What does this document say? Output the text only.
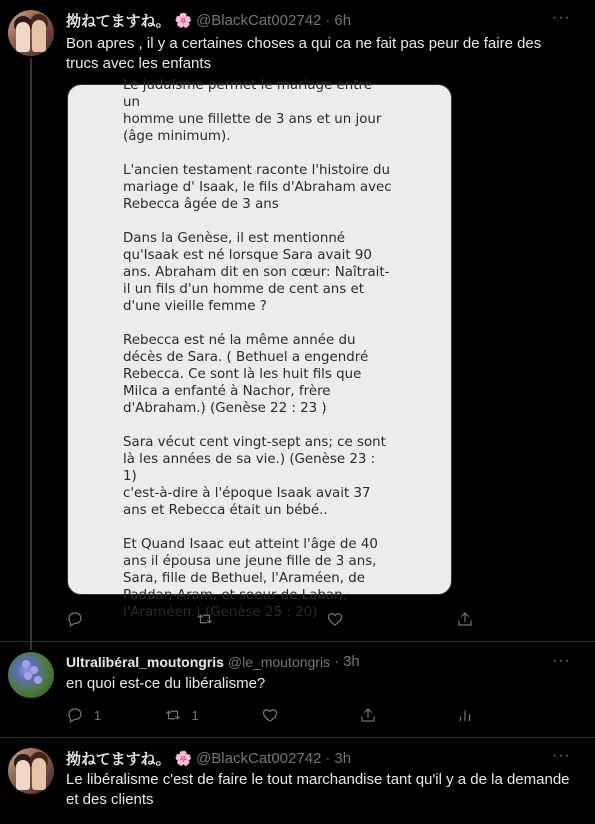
拗ねてますね。 🌸 @BlackCat002742 · 6h	···
Bon apres , il y a certaines choses a qui ca ne fait pas peur de faire des trucs avec les enfants

Le judaïsme permet le mariage entre un
homme une fillette de 3 ans et un jour
(âge minimum).

L'ancien testament raconte l'histoire du
mariage d' Isaak, le fils d'Abraham avec
Rebecca âgée de 3 ans

Dans la Genèse, il est mentionné
qu'Isaak est né lorsque Sara avait 90
ans. Abraham dit en son cœur: Naîtrait-
il un fils d'un homme de cent ans et
d'une vieille femme ?

Rebecca est né la même année du
décès de Sara. ( Bethuel a engendré
Rebecca. Ce sont là les huit fils que
Milca a enfanté à Nachor, frère
d'Abraham.) (Genèse 22 : 23 )

Sara vécut cent vingt-sept ans; ce sont
là les années de sa vie.) (Genèse 23 : 1)
c'est-à-dire à l'époque Isaak avait 37
ans et Rebecca était un bébé..

Et Quand Isaac eut atteint l'âge de 40
ans il épousa une jeune fille de 3 ans,
Sara, fille de Bethuel, l'Araméen, de
Paddan-Aram, et soeur de Laban,
l'Araméen.) (Genèse 25 : 20)

Ultralibéral_moutongris @le_moutongris · 3h	···
en quoi est-ce du libéralisme?
1	1
拗ねてますね。 🌸 @BlackCat002742 · 3h	···
Le libéralisme c'est de faire le tout marchandise tant qu'il y a de la demande et des clients
